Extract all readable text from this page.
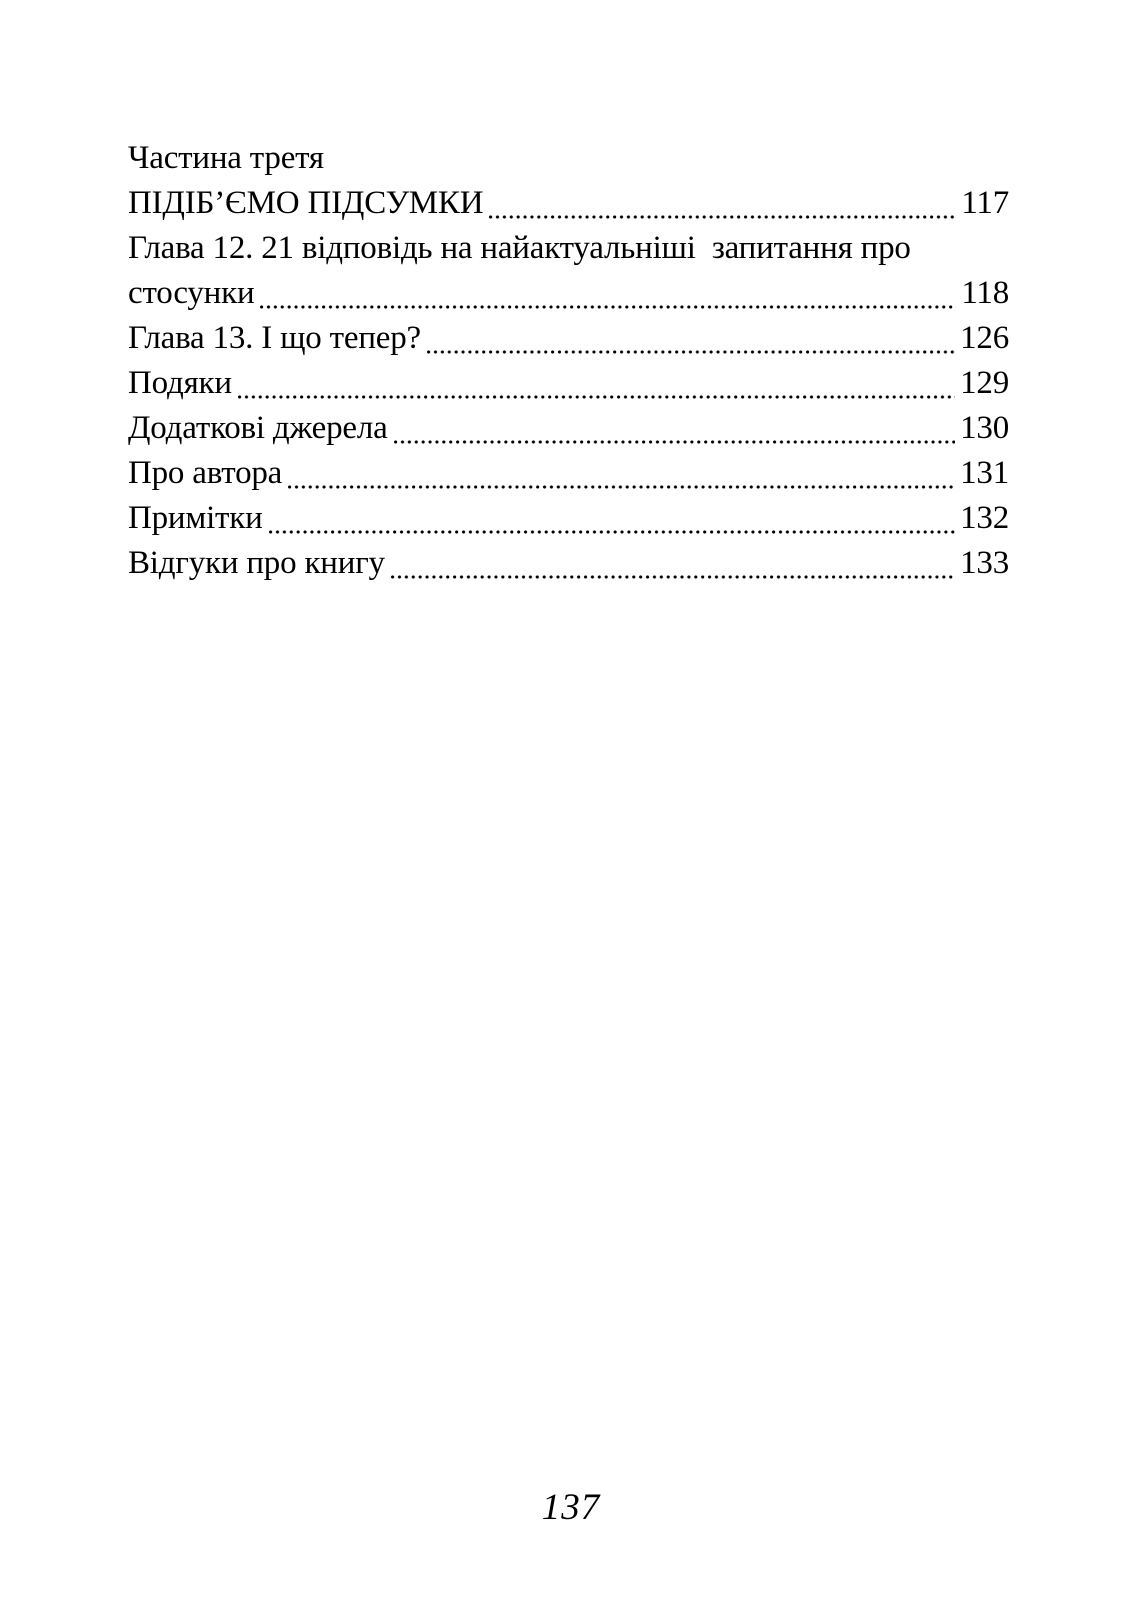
Частина третя
ПІДІБ’ЄМО ПІДСУМКИ	117
Глава 12. 21 відповідь на найактуальніші  запитання про
стосунки	118
Глава 13. І що тепер?	126
Подяки	129
Додаткові джерела	130
Про автора	131
Примітки	132
Відгуки про книгу	133
137
